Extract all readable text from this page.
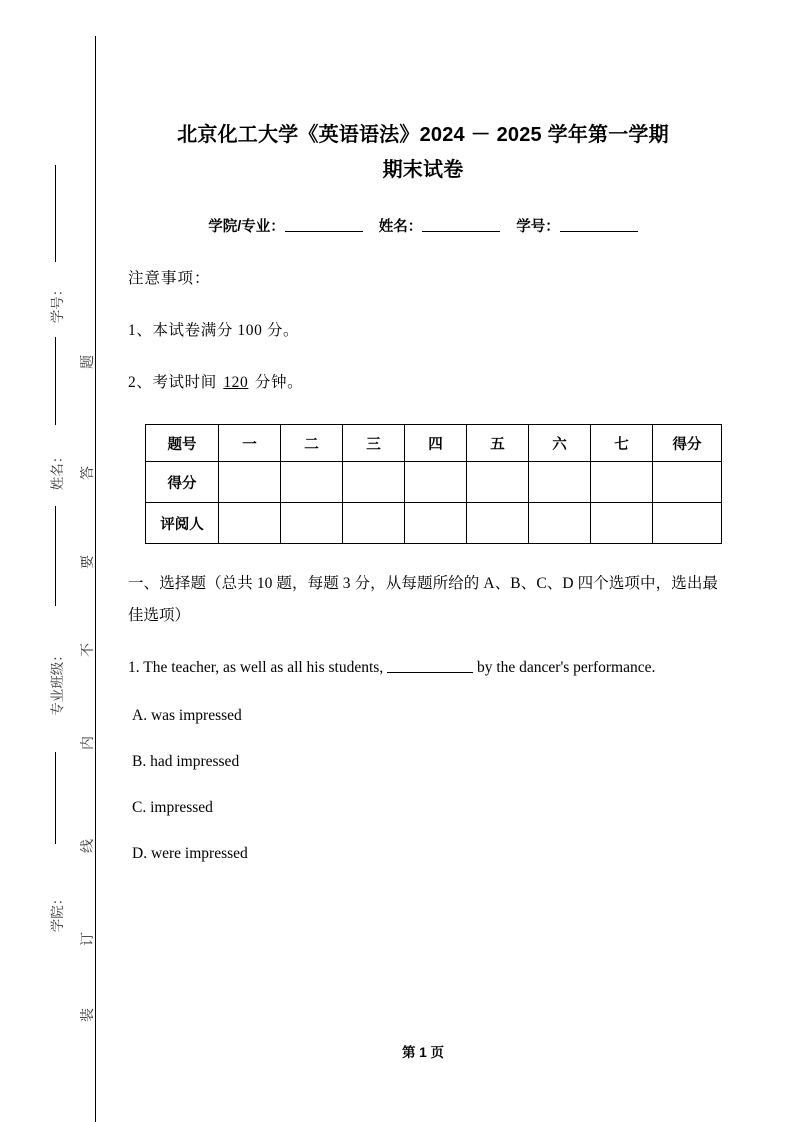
题
答
要
不
内
线
订
装
学号：
姓名：
专业班级：
学院：
北京化工大学《英语语法》2024 － 2025 学年第一学期
期末试卷
学院/专业：	姓名：	学号：
注意事项：
1、本试卷满分 100 分。
2、考试时间 120 分钟。
题号	一	二	三	四	五	六	七	得分
得分								
评阅人								
一、选择题（总共 10 题，每题 3 分，从每题所给的 A、B、C、D 四个选项中，选出最佳选项）
1. The teacher, as well as all his students,	by the dancer's performance.
A. was impressed
B. had impressed
C. impressed
D. were impressed
第 1 页
